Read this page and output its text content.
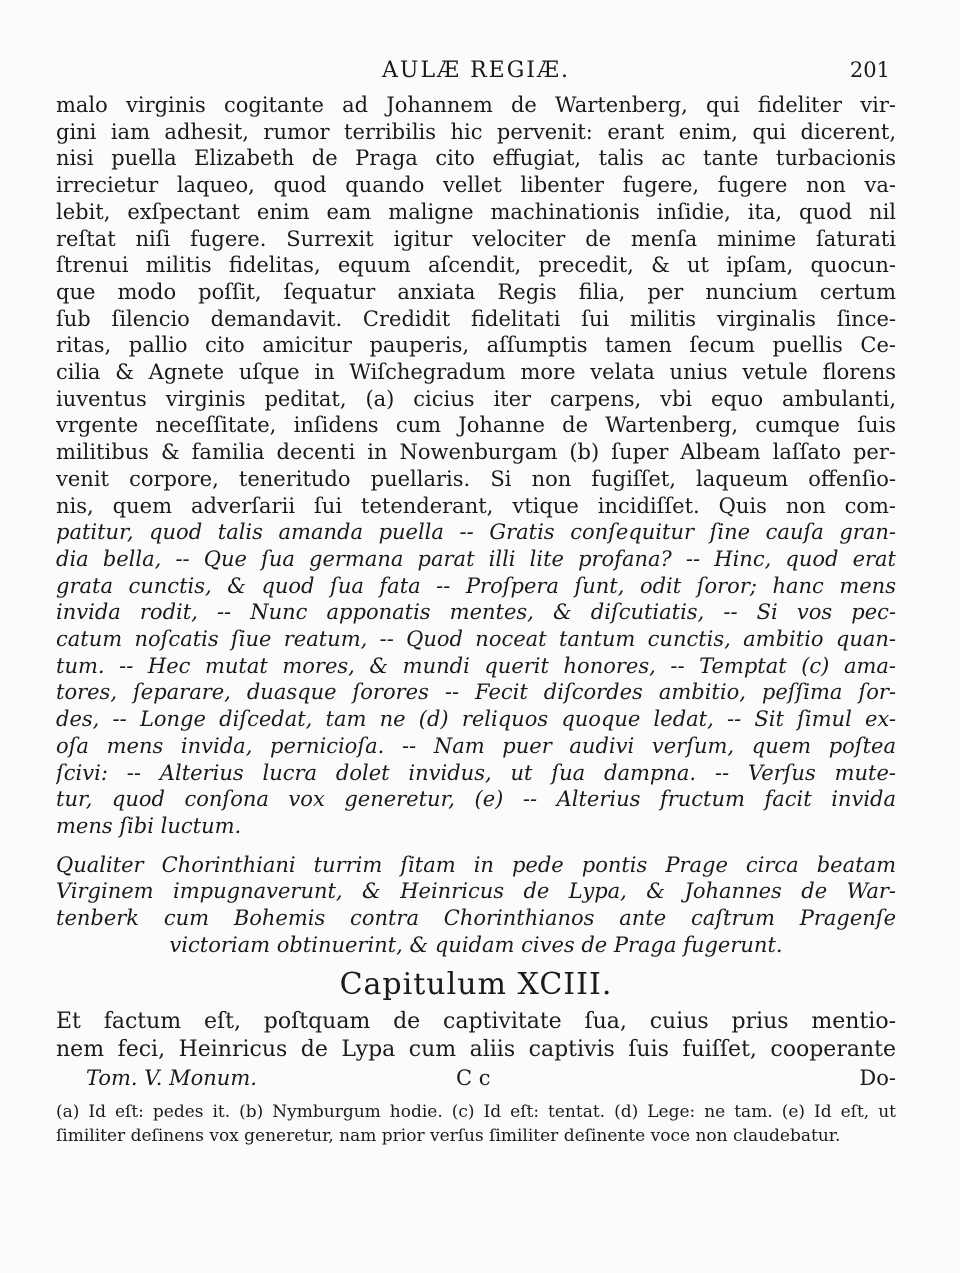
AULÆ REGIÆ.	201
malo virginis cogitante ad Johannem de Wartenberg, qui fideliter vir-
gini iam adhesit, rumor terribilis hic pervenit: erant enim, qui dicerent,
nisi puella Elizabeth de Praga cito effugiat, talis ac tante turbacionis
irrecietur laqueo, quod quando vellet libenter fugere, fugere non va-
lebit, exſpectant enim eam maligne machinationis inſidie, ita, quod nil
reſtat niſi fugere. Surrexit igitur velociter de menſa minime ſaturati
ſtrenui militis fidelitas, equum aſcendit, precedit, & ut ipſam, quocun-
que modo poſſit, ſequatur anxiata Regis filia, per nuncium certum
ſub ſilencio demandavit. Credidit fidelitati ſui militis virginalis ſince-
ritas, pallio cito amicitur pauperis, aſſumptis tamen ſecum puellis Ce-
cilia & Agnete uſque in Wiſchegradum more velata unius vetule florens
iuventus virginis peditat, (a) cicius iter carpens, vbi equo ambulanti,
vrgente neceſſitate, inſidens cum Johanne de Wartenberg, cumque ſuis
militibus & familia decenti in Nowenburgam (b) ſuper Albeam laſſato per-
venit corpore, teneritudo puellaris. Si non fugiſſet, laqueum offenſio-
nis, quem adverſarii ſui tetenderant, vtique incidiſſet. Quis non com-
patitur, quod talis amanda puella -- Gratis conſequitur ſine cauſa gran-
dia bella, -- Que ſua germana parat illi lite profana? -- Hinc, quod erat
grata cunctis, & quod ſua fata -- Proſpera ſunt, odit ſoror; hanc mens
invida rodit, -- Nunc apponatis mentes, & diſcutiatis, -- Si vos pec-
catum noſcatis ſiue reatum, -- Quod noceat tantum cunctis, ambitio quan-
tum. -- Hec mutat mores, & mundi querit honores, -- Temptat (c) ama-
tores, ſeparare, duasque ſorores -- Fecit diſcordes ambitio, peſſima ſor-
des, -- Longe diſcedat, tam ne (d) reliquos quoque ledat, -- Sit ſimul ex-
oſa mens invida, pernicioſa. -- Nam puer audivi verſum, quem poſtea
ſcivi: -- Alterius lucra dolet invidus, ut ſua dampna. -- Verſus mute-
tur, quod conſona vox generetur, (e) -- Alterius fructum facit invida
mens ſibi luctum.
Qualiter Chorinthiani turrim ſitam in pede pontis Prage circa beatam
Virginem impugnaverunt, & Heinricus de Lypa, & Johannes de War-
tenberk cum Bohemis contra Chorinthianos ante caſtrum Pragenſe
victoriam obtinuerint, & quidam cives de Praga fugerunt.
Capitulum XCIII.
Et factum eſt, poſtquam de captivitate ſua, cuius prius mentio-
nem feci, Heinricus de Lypa cum aliis captivis ſuis fuiſſet, cooperante
Tom. V. Monum.	C c	Do-
(a) Id eſt: pedes it. (b) Nymburgum hodie. (c) Id eſt: tentat. (d) Lege: ne tam. (e) Id eſt, ut
ſimiliter deſinens vox generetur, nam prior verſus ſimiliter deſinente voce non claudebatur.
